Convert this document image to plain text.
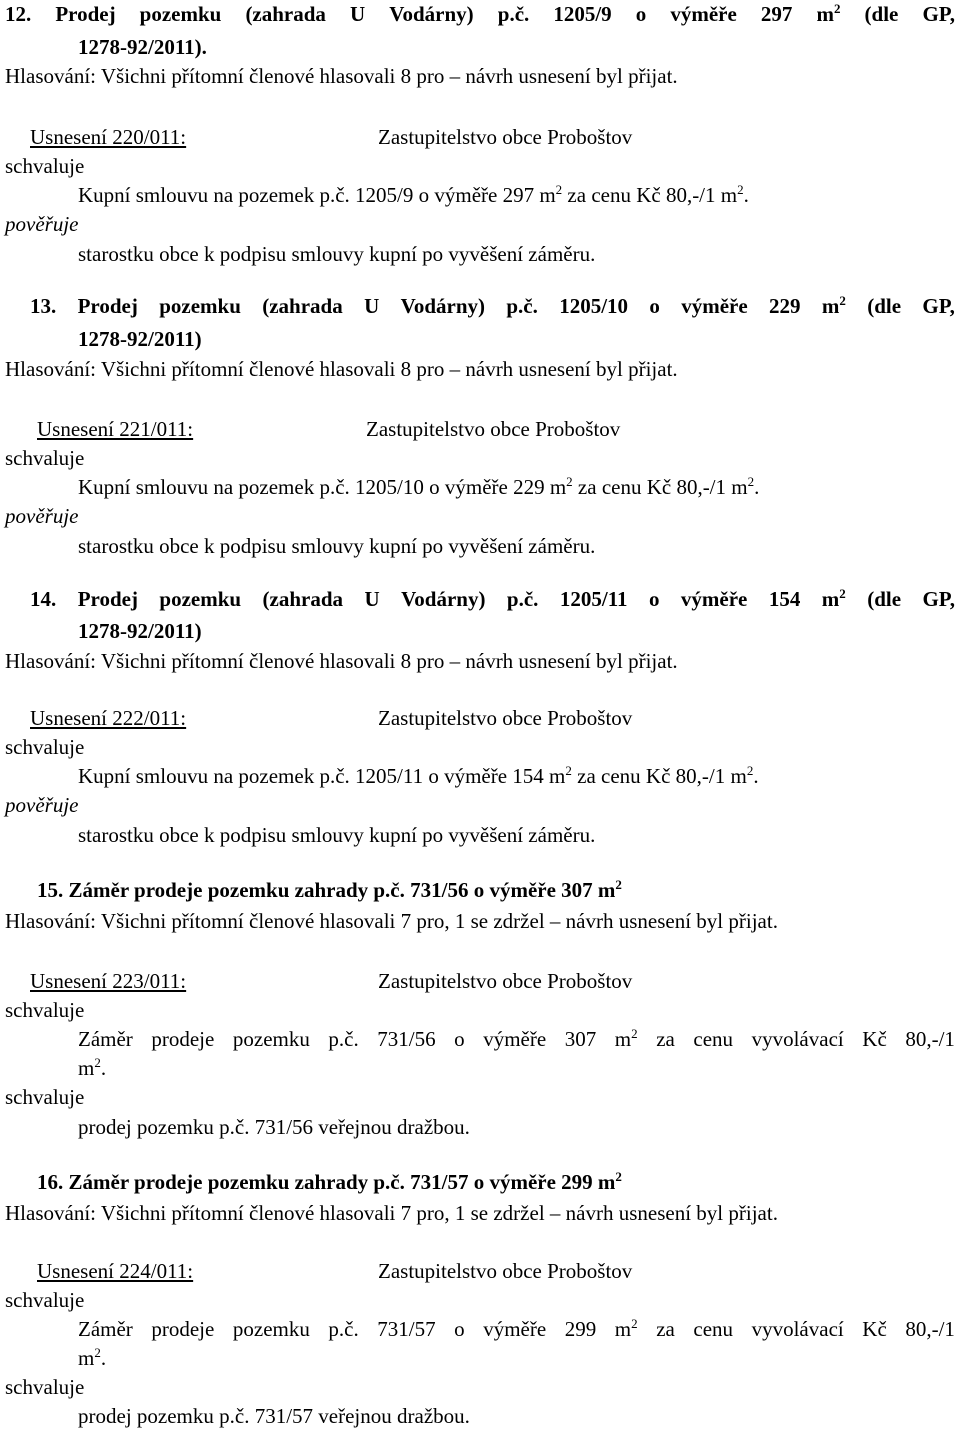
12. Prodej pozemku (zahrada U Vodárny) p.č. 1205/9 o výměře 297 $m^2$ (dle GP,
1278-92/2011).
Hlasování: Všichni přítomní členové hlasovali 8 pro – návrh usnesení byl přijat.
Usnesení 220/011:	Zastupitelstvo obce Proboštov
schvaluje
Kupní smlouvu na pozemek p.č. 1205/9 o výměře 297 $m^2$ za cenu Kč 80,-/1 $m^2$.
pověřuje
starostku obce k podpisu smlouvy kupní po vyvěšení záměru.
13. Prodej pozemku (zahrada U Vodárny) p.č. 1205/10 o výměře 229 $m^2$ (dle GP,
1278-92/2011)
Hlasování: Všichni přítomní členové hlasovali 8 pro – návrh usnesení byl přijat.
Usnesení 221/011:	Zastupitelstvo obce Proboštov
schvaluje
Kupní smlouvu na pozemek p.č. 1205/10 o výměře 229 $m^2$ za cenu Kč 80,-/1 $m^2$.
pověřuje
starostku obce k podpisu smlouvy kupní po vyvěšení záměru.
14. Prodej pozemku (zahrada U Vodárny) p.č. 1205/11 o výměře 154 $m^2$ (dle GP,
1278-92/2011)
Hlasování: Všichni přítomní členové hlasovali 8 pro – návrh usnesení byl přijat.
Usnesení 222/011:	Zastupitelstvo obce Proboštov
schvaluje
Kupní smlouvu na pozemek p.č. 1205/11 o výměře 154 $m^2$ za cenu Kč 80,-/1 $m^2$.
pověřuje
starostku obce k podpisu smlouvy kupní po vyvěšení záměru.
15. Záměr prodeje pozemku zahrady p.č. 731/56 o výměře 307 $m^2$
Hlasování: Všichni přítomní členové hlasovali 7 pro, 1 se zdržel – návrh usnesení byl přijat.
Usnesení 223/011:	Zastupitelstvo obce Proboštov
schvaluje
Záměr prodeje pozemku p.č. 731/56 o výměře 307 $m^2$ za cenu vyvolávací Kč 80,-/1
$m^2$.
schvaluje
prodej pozemku p.č. 731/56 veřejnou dražbou.
16. Záměr prodeje pozemku zahrady p.č. 731/57 o výměře 299 $m^2$
Hlasování: Všichni přítomní členové hlasovali 7 pro, 1 se zdržel – návrh usnesení byl přijat.
Usnesení 224/011:	Zastupitelstvo obce Proboštov
schvaluje
Záměr prodeje pozemku p.č. 731/57 o výměře 299 $m^2$ za cenu vyvolávací Kč 80,-/1
$m^2$.
schvaluje
prodej pozemku p.č. 731/57 veřejnou dražbou.
